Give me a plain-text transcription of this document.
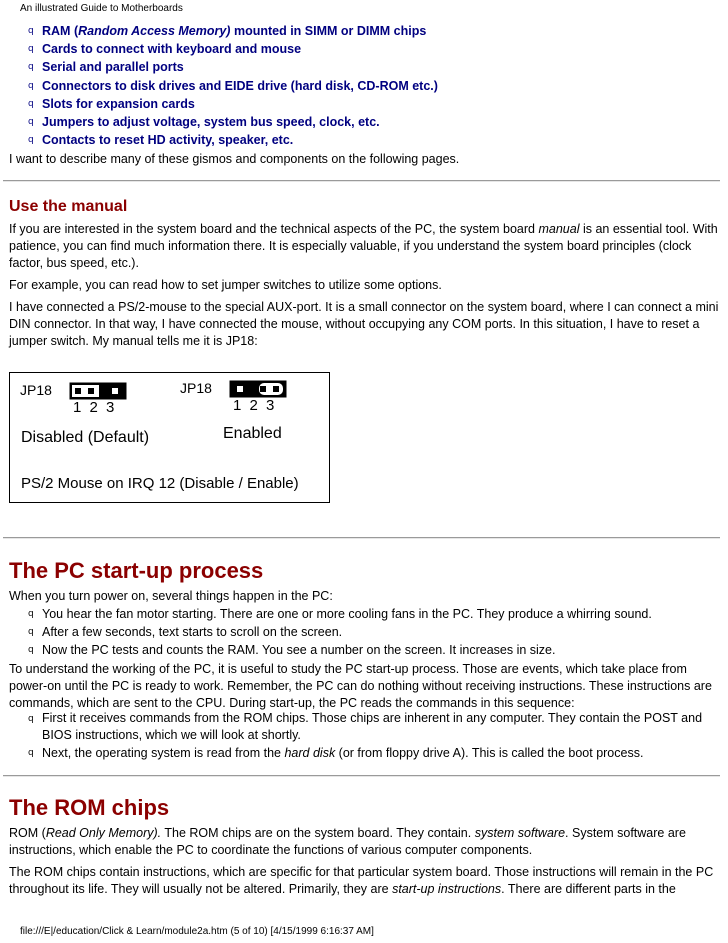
An illustrated Guide to Motherboards
q RAM (Random Access Memory) mounted in SIMM or DIMM chips
q Cards to connect with keyboard and mouse
q Serial and parallel ports
q Connectors to disk drives and EIDE drive (hard disk, CD-ROM etc.)
q Slots for expansion cards
q Jumpers to adjust voltage, system bus speed, clock, etc.
q Contacts to reset HD activity, speaker, etc.

I want to describe many of these gismos and components on the following pages.

Use the manual

If you are interested in the system board and the technical aspects of the PC, the system board manual is an essential tool. With patience, you can find much information there. It is especially valuable, if you understand the system board principles (clock factor, bus speed, etc.).

For example, you can read how to set jumper switches to utilize some options.

I have connected a PS/2-mouse to the special AUX-port. It is a small connector on the system board, where I can connect a mini DIN connector. In that way, I have connected the mouse, without occupying any COM ports. In this situation, I have to reset a jumper switch. My manual tells me it is JP18:

JP18
1 2 3
Disabled (Default)
JP18
1 2 3
Enabled
PS/2 Mouse on IRQ 12 (Disable / Enable)
The PC start-up process

When you turn power on, several things happen in the PC:

q You hear the fan motor starting. There are one or more cooling fans in the PC. They produce a whirring sound.
q After a few seconds, text starts to scroll on the screen.
q Now the PC tests and counts the RAM. You see a number on the screen. It increases in size.

To understand the working of the PC, it is useful to study the PC start-up process. Those are events, which take place from power-on until the PC is ready to work. Remember, the PC can do nothing without receiving instructions. These instructions are commands, which are sent to the CPU. During start-up, the PC reads the commands in this sequence:

q First it receives commands from the ROM chips. Those chips are inherent in any computer. They contain the POST and BIOS instructions, which we will look at shortly.
q Next, the operating system is read from the hard disk (or from floppy drive A). This is called the boot process.
The ROM chips

ROM (Read Only Memory). The ROM chips are on the system board. They contain. system software. System software are instructions, which enable the PC to coordinate the functions of various computer components.

The ROM chips contain instructions, which are specific for that particular system board. Those instructions will remain in the PC throughout its life. They will usually not be altered. Primarily, they are start-up instructions. There are different parts in the

file:///E|/education/Click & Learn/module2a.htm (5 of 10) [4/15/1999 6:16:37 AM]
